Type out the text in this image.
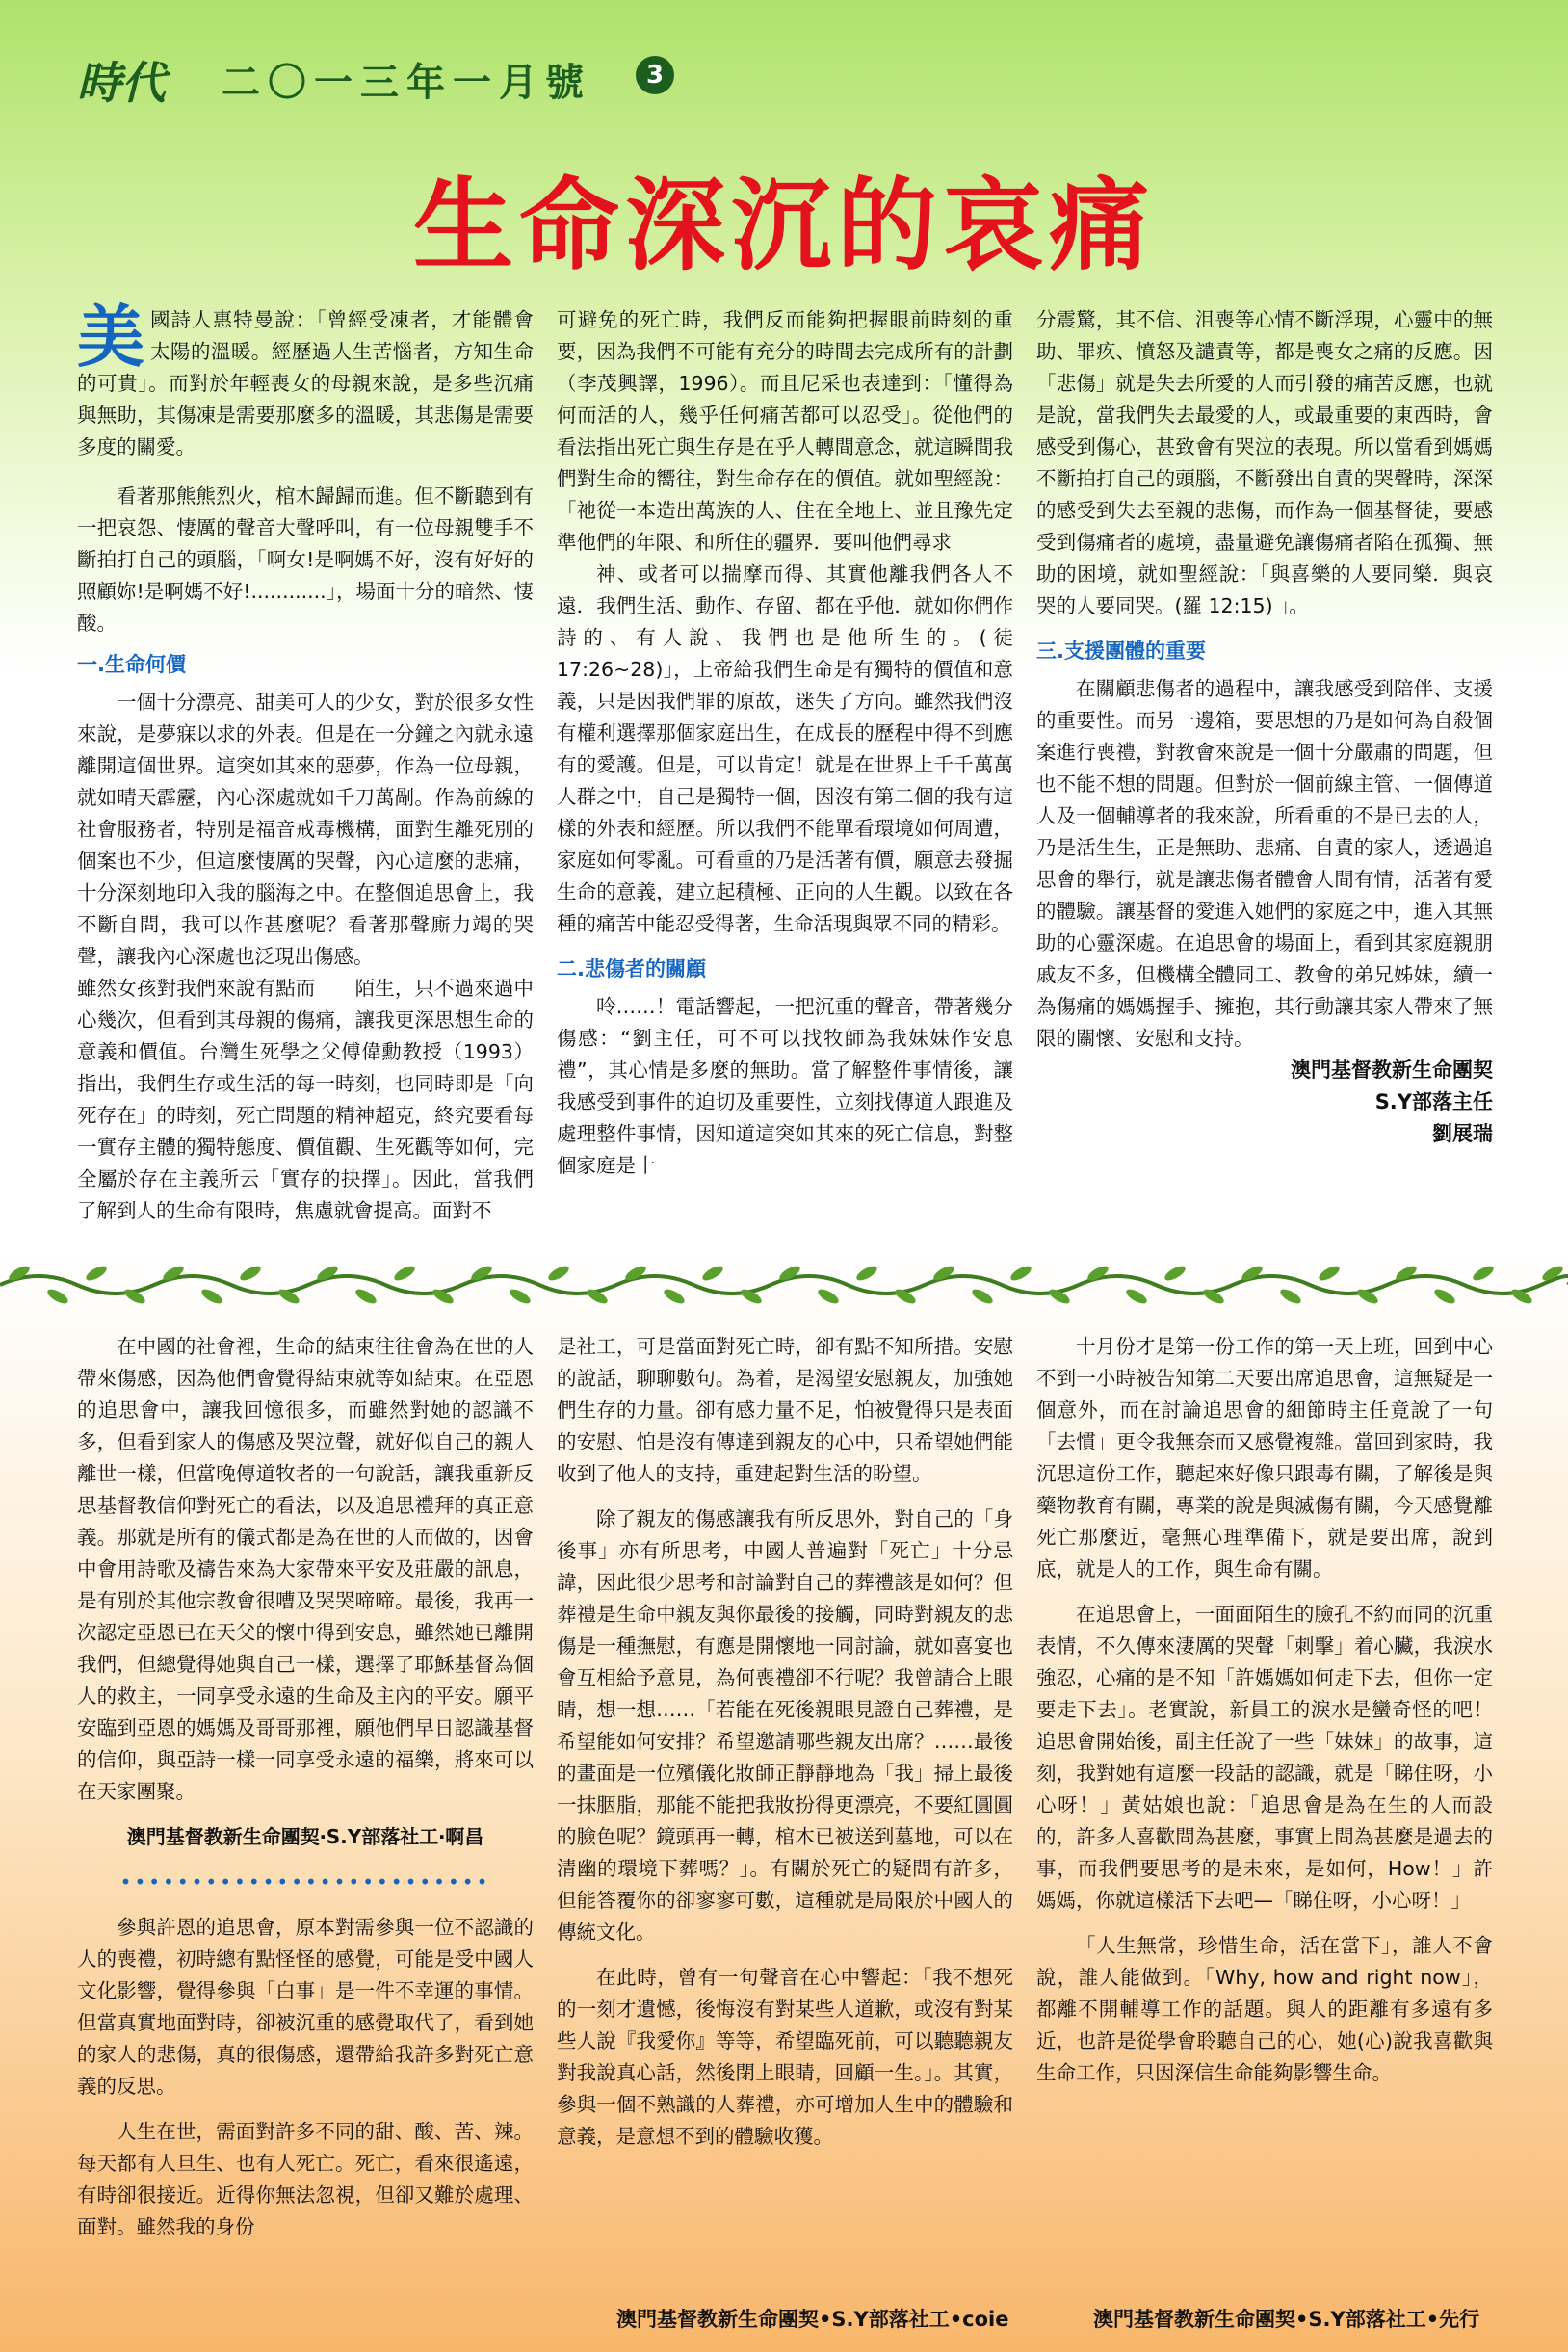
時代 二〇一三年一月號	3
生命深沉的哀痛

美國詩人惠特曼說：「曾經受凍者，才能體會太陽的溫暖。經歷過人生苦惱者，方知生命的可貴」。而對於年輕喪女的母親來說，是多些沉痛與無助，其傷凍是需要那麼多的溫暖，其悲傷是需要多度的關愛。

看著那熊熊烈火，棺木歸歸而進。但不斷聽到有一把哀怨、悽厲的聲音大聲呼叫，有一位母親雙手不斷拍打自己的頭腦，「啊女!是啊媽不好，沒有好好的照顧妳!是啊媽不好!............」，場面十分的暗然、悽酸。

一.生命何價

一個十分漂亮、甜美可人的少女，對於很多女性來說，是夢寐以求的外表。但是在一分鐘之內就永遠離開這個世界。這突如其來的惡夢，作為一位母親，就如晴天霹靂，內心深處就如千刀萬剮。作為前線的社會服務者，特別是福音戒毒機構，面對生離死別的個案也不少，但這麼悽厲的哭聲，內心這麼的悲痛，十分深刻地印入我的腦海之中。在整個追思會上，我不斷自問，我可以作甚麼呢？看著那聲廝力竭的哭聲，讓我內心深處也泛現出傷感。

雖然女孩對我們來說有點而　　陌生，只不過來過中心幾次，但看到其母親的傷痛，讓我更深思想生命的意義和價值。台灣生死學之父傅偉勳教授（1993）指出，我們生存或生活的每一時刻，也同時即是「向死存在」的時刻，死亡問題的精神超克，終究要看每一實存主體的獨特態度、價值觀、生死觀等如何，完全屬於存在主義所云「實存的抉擇」。因此，當我們了解到人的生命有限時，焦慮就會提高。面對不

可避免的死亡時，我們反而能夠把握眼前時刻的重要，因為我們不可能有充分的時間去完成所有的計劃（李茂興譯，1996）。而且尼采也表達到：「懂得為何而活的人，幾乎任何痛苦都可以忍受」。從他們的看法指出死亡與生存是在乎人轉間意念，就這瞬間我們對生命的嚮往，對生命存在的價值。就如聖經說：「祂從一本造出萬族的人、住在全地上、並且豫先定準他們的年限、和所住的疆界．要叫他們尋求

神、或者可以揣摩而得、其實他離我們各人不遠．我們生活、動作、存留、都在乎他．就如你們作詩的、有人說、我們也是他所生的。(徒17:26~28)」，上帝給我們生命是有獨特的價值和意義，只是因我們罪的原故，迷失了方向。雖然我們沒有權利選擇那個家庭出生，在成長的歷程中得不到應有的愛護。但是，可以肯定！就是在世界上千千萬萬人群之中，自己是獨特一個，因沒有第二個的我有這樣的外表和經歷。所以我們不能單看環境如何周遭，家庭如何零亂。可看重的乃是活著有價，願意去發掘生命的意義，建立起積極、正向的人生觀。以致在各種的痛苦中能忍受得著，生命活現與眾不同的精彩。

二.悲傷者的關顧

呤……！電話響起，一把沉重的聲音，帶著幾分傷感：“劉主任，可不可以找牧師為我妹妹作安息禮”，其心情是多麼的無助。當了解整件事情後，讓我感受到事件的迫切及重要性，立刻找傳道人跟進及處理整件事情，因知道這突如其來的死亡信息，對整個家庭是十

分震驚，其不信、沮喪等心情不斷浮現，心靈中的無助、罪疚、憤怒及譴責等，都是喪女之痛的反應。因「悲傷」就是失去所愛的人而引發的痛苦反應，也就是說，當我們失去最愛的人，或最重要的東西時，會感受到傷心，甚致會有哭泣的表現。所以當看到媽媽不斷拍打自己的頭腦，不斷發出自責的哭聲時，深深的感受到失去至親的悲傷，而作為一個基督徒，要感受到傷痛者的處境，盡量避免讓傷痛者陷在孤獨、無助的困境，就如聖經說：「與喜樂的人要同樂．與哀哭的人要同哭。(羅 12:15) 」。

三.支援團體的重要

在關顧悲傷者的過程中，讓我感受到陪伴、支援的重要性。而另一邊箱，要思想的乃是如何為自殺個案進行喪禮，對教會來說是一個十分嚴肅的問題，但也不能不想的問題。但對於一個前線主管、一個傳道人及一個輔導者的我來說，所看重的不是已去的人，乃是活生生，正是無助、悲痛、自責的家人，透過追思會的舉行，就是讓悲傷者體會人間有情，活著有愛的體驗。讓基督的愛進入她們的家庭之中，進入其無助的心靈深處。在追思會的場面上，看到其家庭親朋戚友不多，但機構全體同工、教會的弟兄姊妹，續一為傷痛的媽媽握手、擁抱，其行動讓其家人帶來了無限的關懷、安慰和支持。

澳門基督教新生命團契
S.Y部落主任
劉展瑞

在中國的社會裡，生命的結束往往會為在世的人帶來傷感，因為他們會覺得結束就等如結束。在亞恩的追思會中，讓我回憶很多，而雖然對她的認識不多，但看到家人的傷感及哭泣聲，就好似自己的親人離世一樣，但當晚傳道牧者的一句說話，讓我重新反思基督教信仰對死亡的看法，以及追思禮拜的真正意義。那就是所有的儀式都是為在世的人而做的，因會中會用詩歌及禱告來為大家帶來平安及莊嚴的訊息，是有別於其他宗教會很嘈及哭哭啼啼。最後，我再一次認定亞恩已在天父的懷中得到安息，雖然她已離開我們，但總覺得她與自己一樣，選擇了耶穌基督為個人的救主，一同享受永遠的生命及主內的平安。願平安臨到亞恩的媽媽及哥哥那裡，願他們早日認識基督的信仰，與亞詩一樣一同享受永遠的福樂，將來可以在天家團聚。

澳門基督教新生命團契‧S.Y部落社工‧啊昌
••••••••••••••••••••••••••

參與許恩的追思會，原本對需參與一位不認識的人的喪禮，初時總有點怪怪的感覺，可能是受中國人文化影響，覺得參與「白事」是一件不幸運的事情。但當真實地面對時，卻被沉重的感覺取代了，看到她的家人的悲傷，真的很傷感，還帶給我許多對死亡意義的反思。

人生在世，需面對許多不同的甜、酸、苦、辣。每天都有人旦生、也有人死亡。死亡，看來很遙遠，有時卻很接近。近得你無法忽視，但卻又難於處理、面對。雖然我的身份

是社工，可是當面對死亡時，卻有點不知所措。安慰的說話，聊聊數句。為着，是渴望安慰親友，加強她們生存的力量。卻有感力量不足，怕被覺得只是表面的安慰、怕是沒有傳達到親友的心中，只希望她們能收到了他人的支持，重建起對生活的盼望。

除了親友的傷感讓我有所反思外，對自己的「身後事」亦有所思考，中國人普遍對「死亡」十分忌諱，因此很少思考和討論對自己的葬禮該是如何？但葬禮是生命中親友與你最後的接觸，同時對親友的悲傷是一種撫慰，有應是開懷地一同討論，就如喜宴也會互相給予意見，為何喪禮卻不行呢？我曾請合上眼睛，想一想……「若能在死後親眼見證自己葬禮，是希望能如何安排？希望邀請哪些親友出席？……最後的畫面是一位殯儀化妝師正靜靜地為「我」掃上最後一抹胭脂，那能不能把我妝扮得更漂亮，不要紅圓圓的臉色呢？鏡頭再一轉，棺木已被送到墓地，可以在清幽的環境下葬嗎？」。有關於死亡的疑問有許多，但能答覆你的卻寥寥可數，這種就是局限於中國人的傳統文化。

在此時，曾有一句聲音在心中響起：「我不想死的一刻才遺憾，後悔沒有對某些人道歉，或沒有對某些人說『我愛你』等等，希望臨死前，可以聽聽親友對我說真心話，然後閉上眼睛，回顧一生。」。其實，參與一個不熟識的人葬禮，亦可增加人生中的體驗和意義，是意想不到的體驗收獲。

十月份才是第一份工作的第一天上班，回到中心不到一小時被告知第二天要出席追思會，這無疑是一個意外，而在討論追思會的細節時主任竟說了一句「去慣」更令我無奈而又感覺複雜。當回到家時，我沉思這份工作，聽起來好像只跟毒有關，了解後是與藥物教育有關，專業的說是與滅傷有關，今天感覺離死亡那麼近，毫無心理準備下，就是要出席，說到底，就是人的工作，與生命有關。

在追思會上，一面面陌生的臉孔不約而同的沉重表情，不久傳來淒厲的哭聲「刺擊」着心臟，我淚水強忍，心痛的是不知「許媽媽如何走下去，但你一定要走下去」。老實說，新員工的淚水是蠻奇怪的吧！追思會開始後，副主任說了一些「妹妹」的故事，這刻，我對她有這麼一段話的認識，就是「睇住呀，小心呀！」黃姑娘也說：「追思會是為在生的人而設的，許多人喜歡問為甚麼，事實上問為甚麼是過去的事，而我們要思考的是未來，是如何，How！」許媽媽，你就這樣活下去吧—「睇住呀，小心呀！」

「人生無常，珍惜生命，活在當下」，誰人不會說，誰人能做到。「Why, how and right now」，都離不開輔導工作的話題。與人的距離有多遠有多近，也許是從學會聆聽自己的心，她(心)說我喜歡與生命工作，只因深信生命能夠影響生命。

澳門基督教新生命團契•S.Y部落社工•coie	澳門基督教新生命團契•S.Y部落社工•先行
